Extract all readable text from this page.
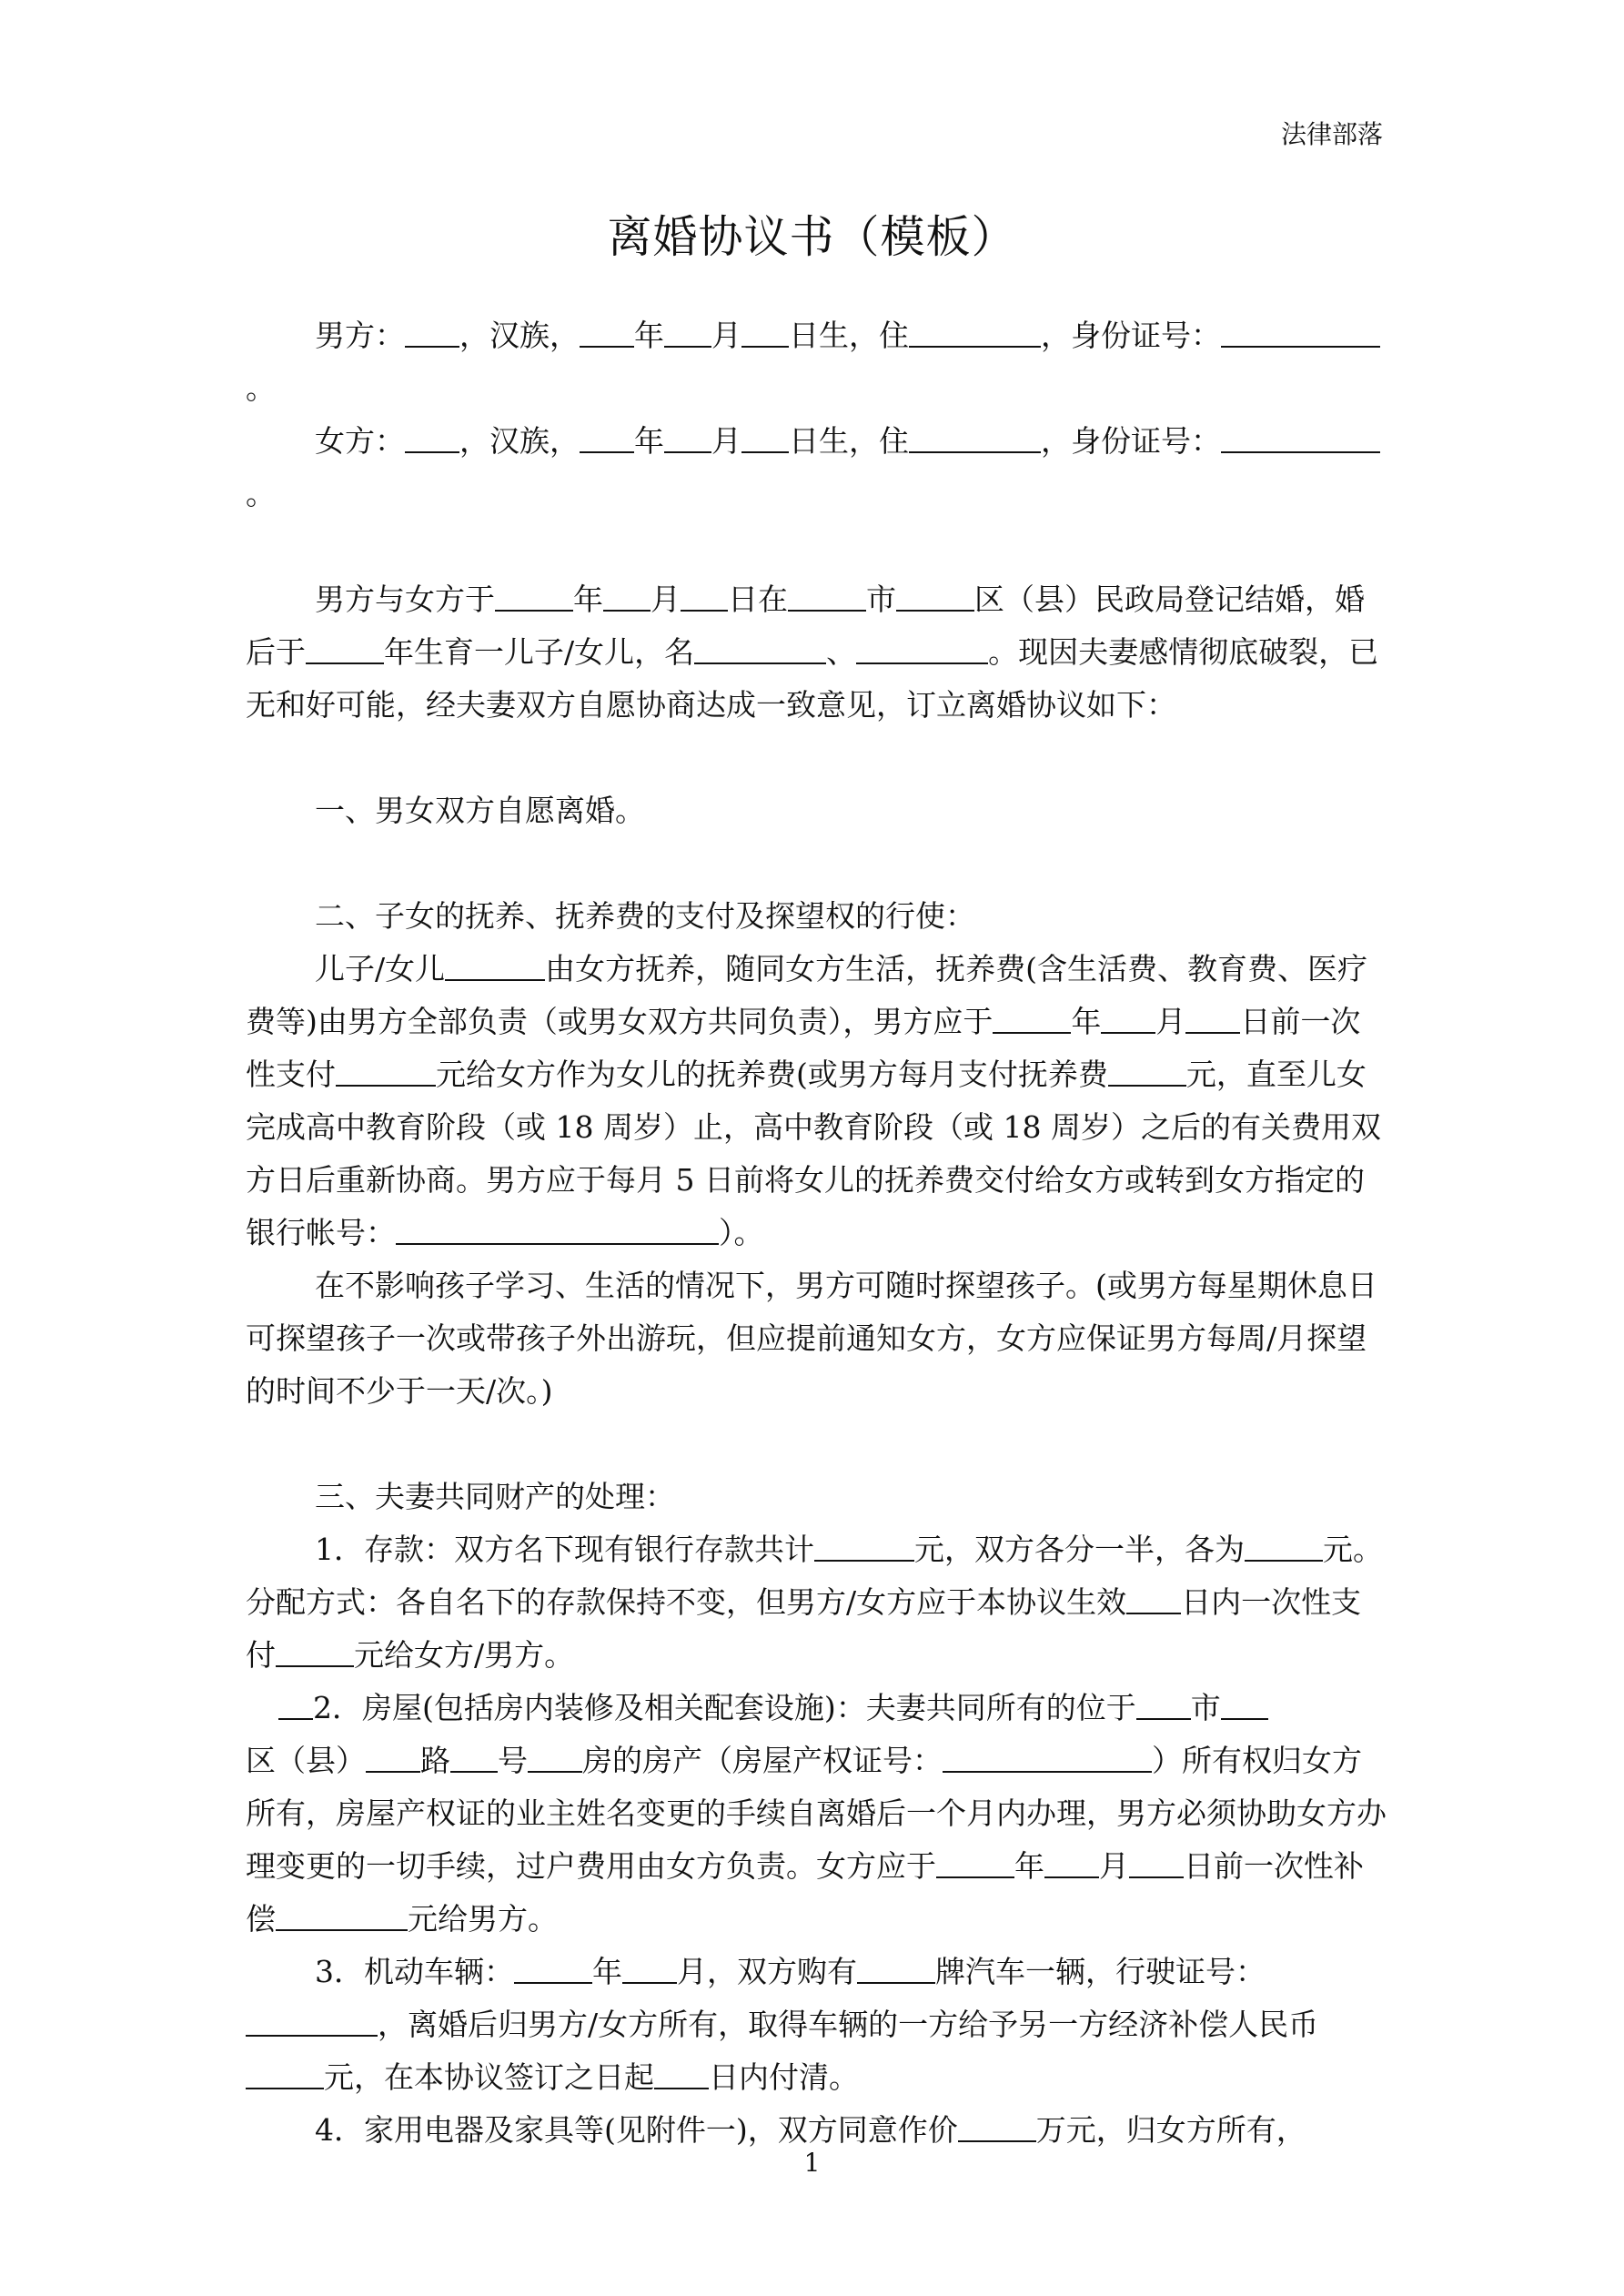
法律部落
离婚协议书（模板）

男方： ，汉族， 年 月 日生，住	，身份证号：。

女方： ，汉族， 年 月 日生，住	，身份证号：。

男方与女方于	年 月 日在	市	区（县）民政局登记结婚，婚后于	年生育一儿子/女儿，名	、	。现因夫妻感情彻底破裂，已无和好可能，经夫妻双方自愿协商达成一致意见，订立离婚协议如下：

一、男女双方自愿离婚。

二、子女的抚养、抚养费的支付及探望权的行使：

儿子/女儿	由女方抚养，随同女方生活，抚养费(含生活费、教育费、医疗费等)由男方全部负责（或男女双方共同负责），男方应于	年 月 日前一次性支付	元给女方作为女儿的抚养费(或男方每月支付抚养费	元，直至儿女完成高中教育阶段（或 18 周岁）止，高中教育阶段（或 18 周岁）之后的有关费用双方日后重新协商。男方应于每月 5 日前将女儿的抚养费交付给女方或转到女方指定的银行帐号：	）。

在不影响孩子学习、生活的情况下，男方可随时探望孩子。(或男方每星期休息日可探望孩子一次或带孩子外出游玩，但应提前通知女方，女方应保证男方每周/月探望的时间不少于一天/次。)

三、夫妻共同财产的处理：

1．存款：双方名下现有银行存款共计	元，双方各分一半，各为	元。分配方式：各自名下的存款保持不变，但男方/女方应于本协议生效 日内一次性支付	元给女方/男方。

2．房屋(包括房内装修及相关配套设施)：夫妻共同所有的位于 市区（县） 路 号 房的房产（房屋产权证号：	）所有权归女方所有，房屋产权证的业主姓名变更的手续自离婚后一个月内办理，男方必须协助女方办理变更的一切手续，过户费用由女方负责。女方应于	年 月 日前一次性补偿	元给男方。

3．机动车辆：	年 月，双方购有	牌汽车一辆，行驶证号：，离婚后归男方/女方所有，取得车辆的一方给予另一方经济补偿人民币元，在本协议签订之日起 日内付清。

4．家用电器及家具等(见附件一)，双方同意作价	万元，归女方所有，

1
